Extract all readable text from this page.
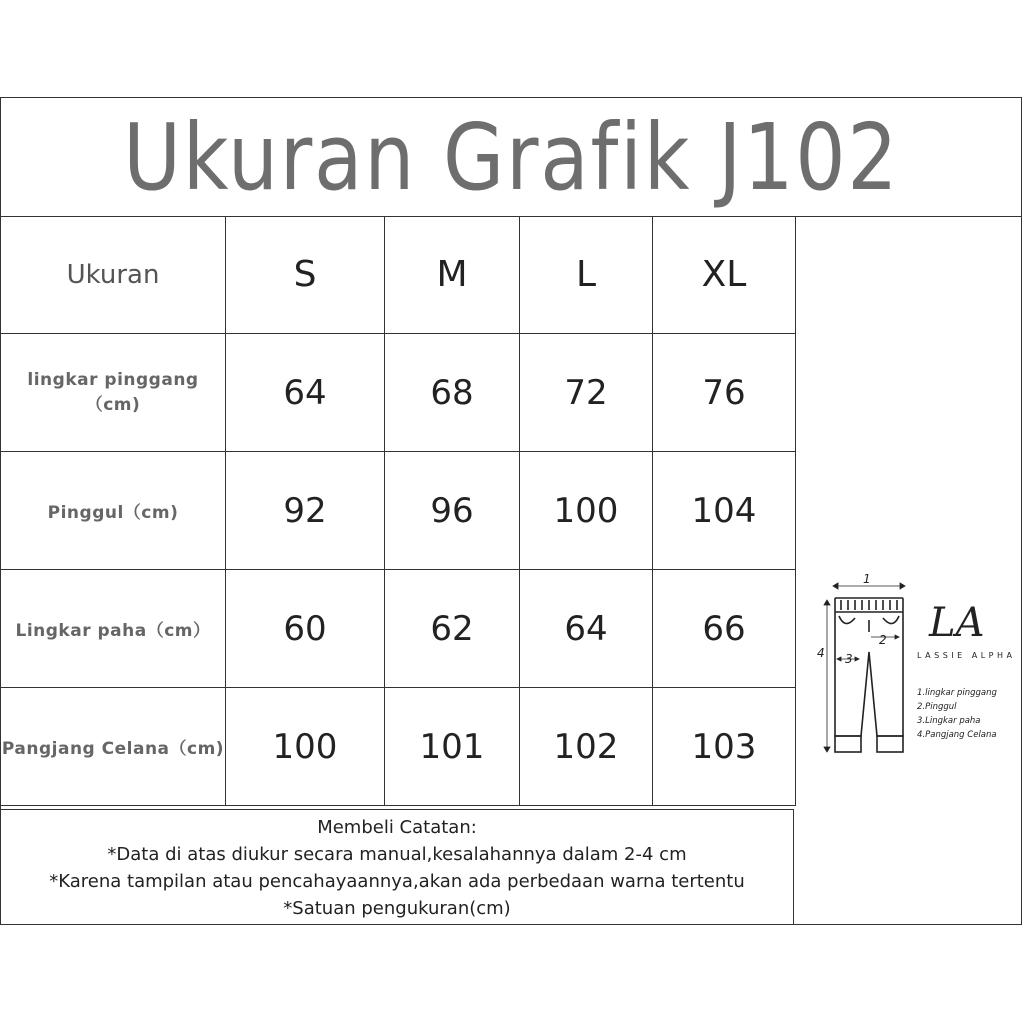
Ukuran Grafik J102
Ukuran	S	M	L	XL
lingkar pinggang（cm)	64	68	72	76
Pinggul（cm)	92	96	100	104
Lingkar paha（cm）	60	62	64	66
Pangjang Celana（cm)	100	101	102	103
Membeli Catatan:
*Data di atas diukur secara manual,kesalahannya dalam 2-4 cm
*Karena tampilan atau pencahayaannya,akan ada perbedaan warna tertentu
*Satuan pengukuran(cm)
1
2
3
4
LA
LASSIE ALPHA
1.lingkar pinggang
2.Pinggul
3.Lingkar paha
4.Pangjang Celana
